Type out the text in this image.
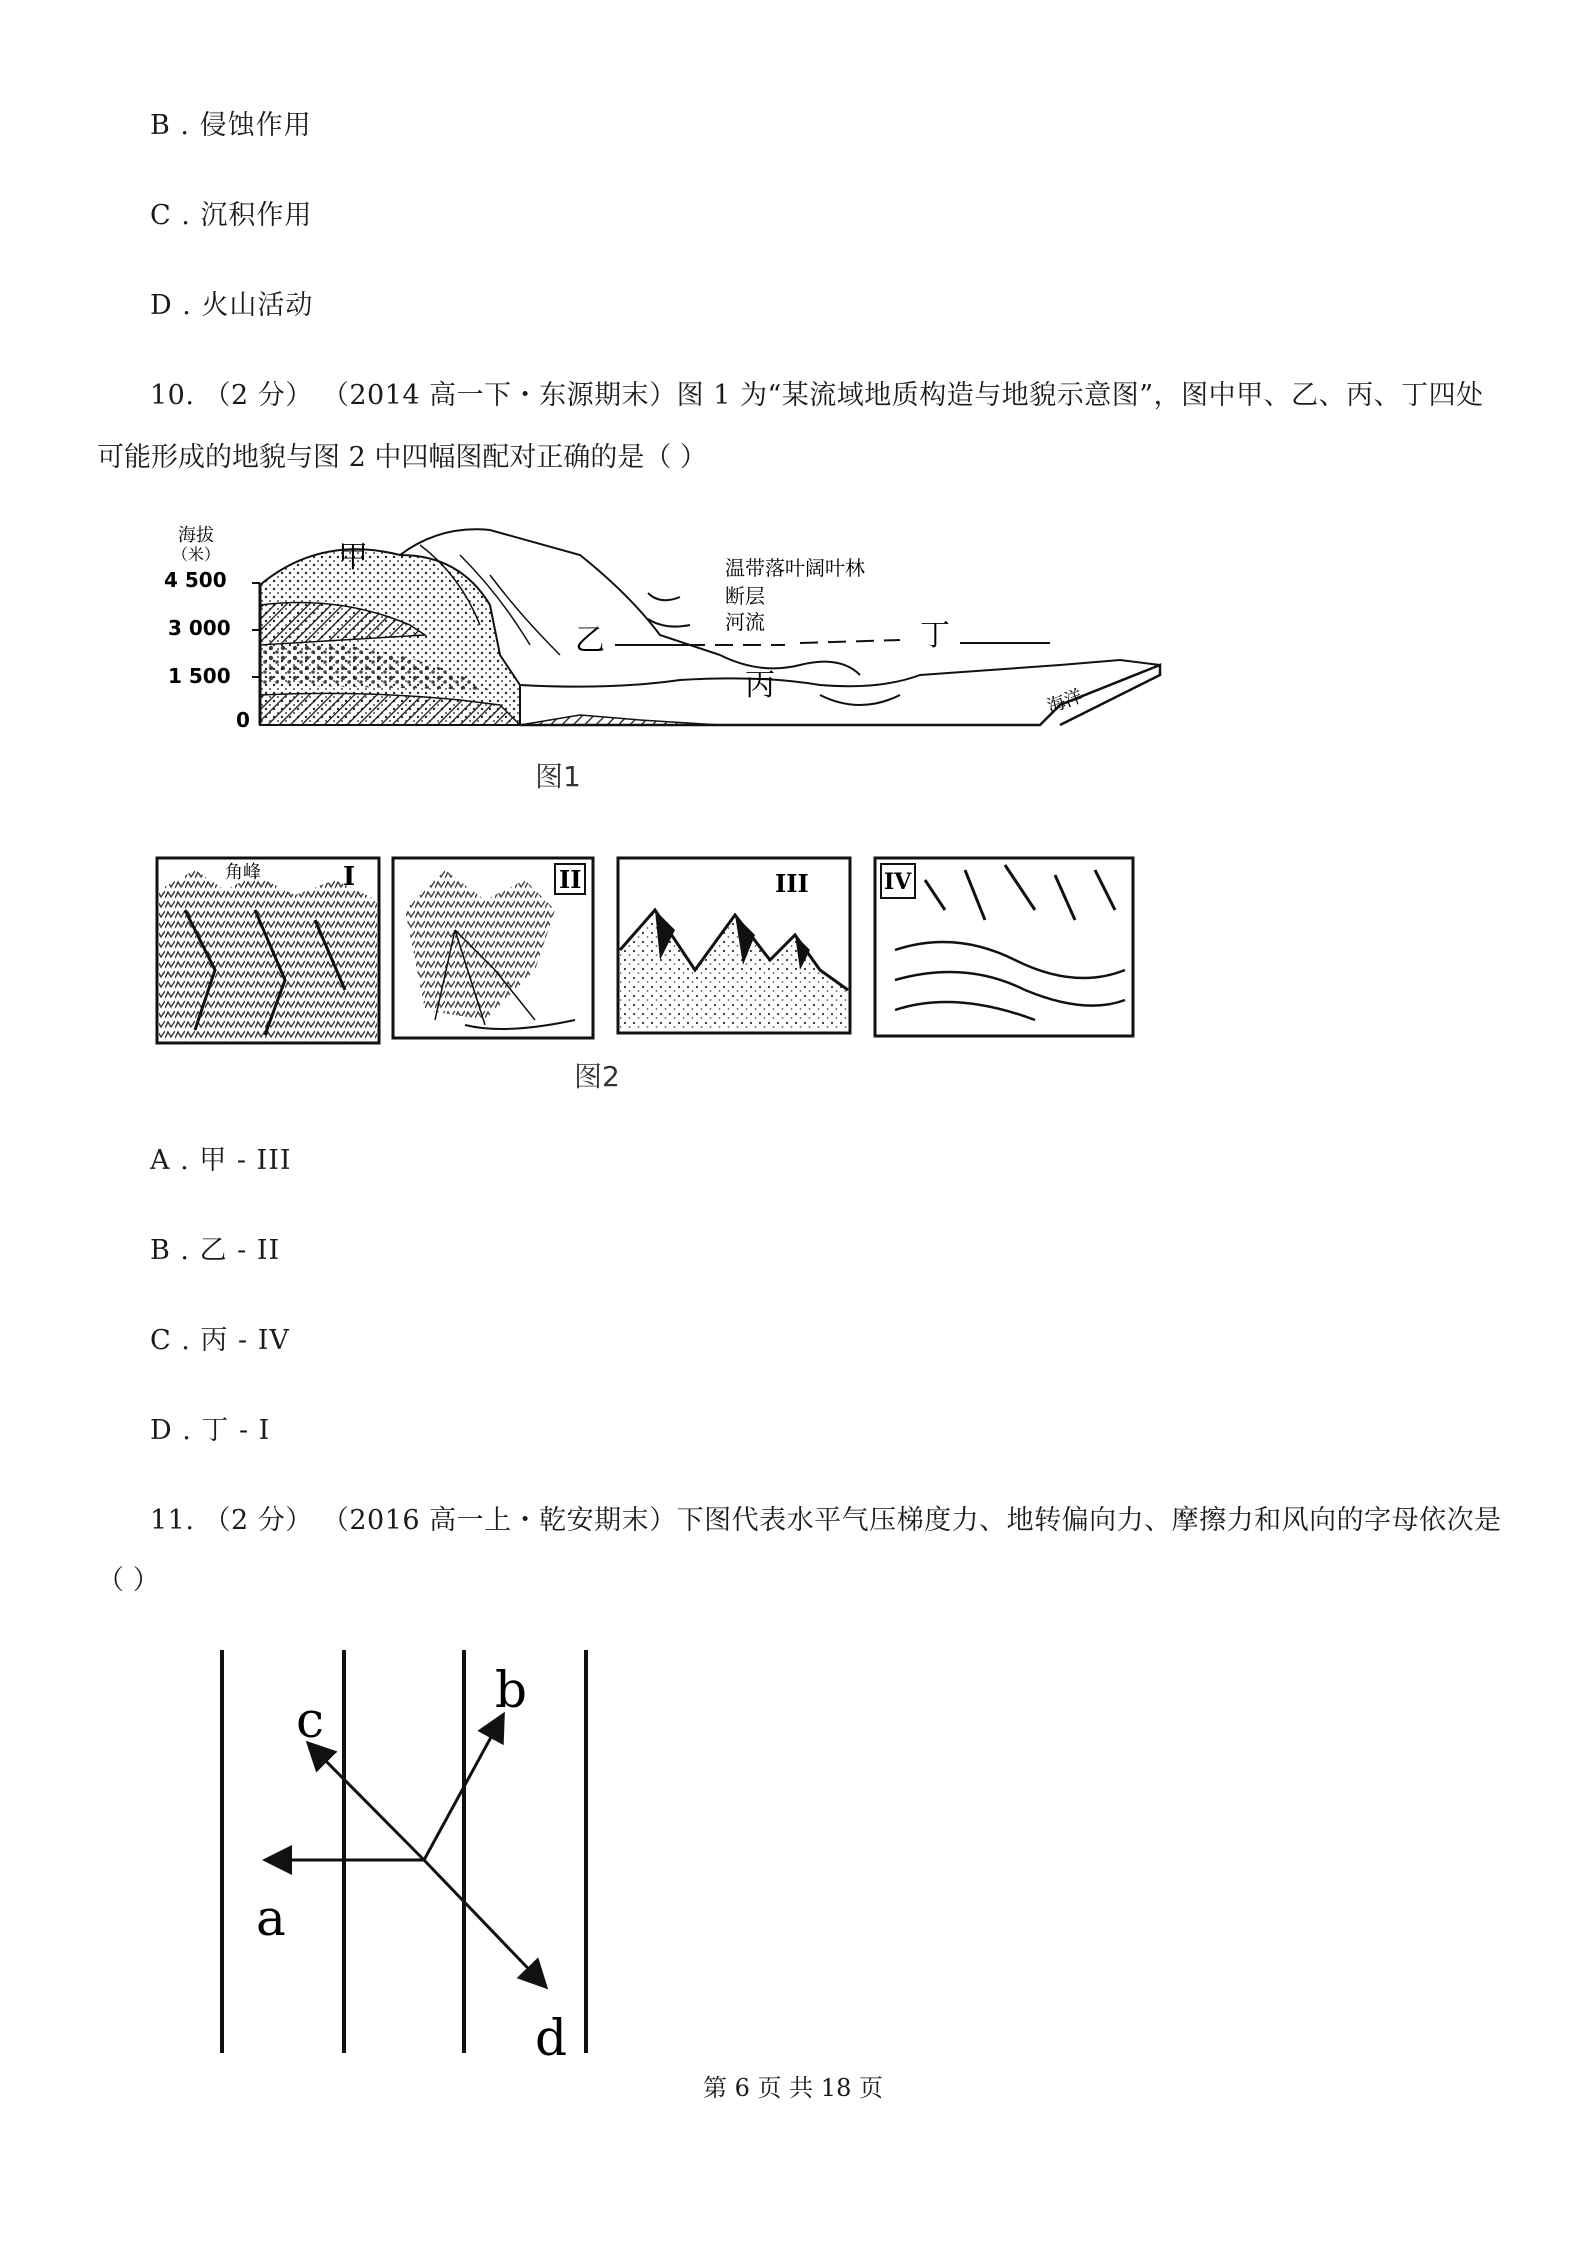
B . 侵蚀作用
C . 沉积作用
D . 火山活动
10. （2 分） （2014 高一下・东源期末）图 1 为“某流域地质构造与地貌示意图”，图中甲、乙、丙、丁四处
可能形成的地貌与图 2 中四幅图配对正确的是（ ）
海拔
（米）
4 500
3 000
1 500
0
甲
乙
丙
丁
温带落叶阔叶林
断层
河流
海洋
图1
角峰	I	II	III	IV
图2
A . 甲 - III
B . 乙 - II
C . 丙 - IV
D . 丁 - I
11. （2 分） （2016 高一上・乾安期末）下图代表水平气压梯度力、地转偏向力、摩擦力和风向的字母依次是
（ ）
a
b
c
d
第 6 页 共 18 页
